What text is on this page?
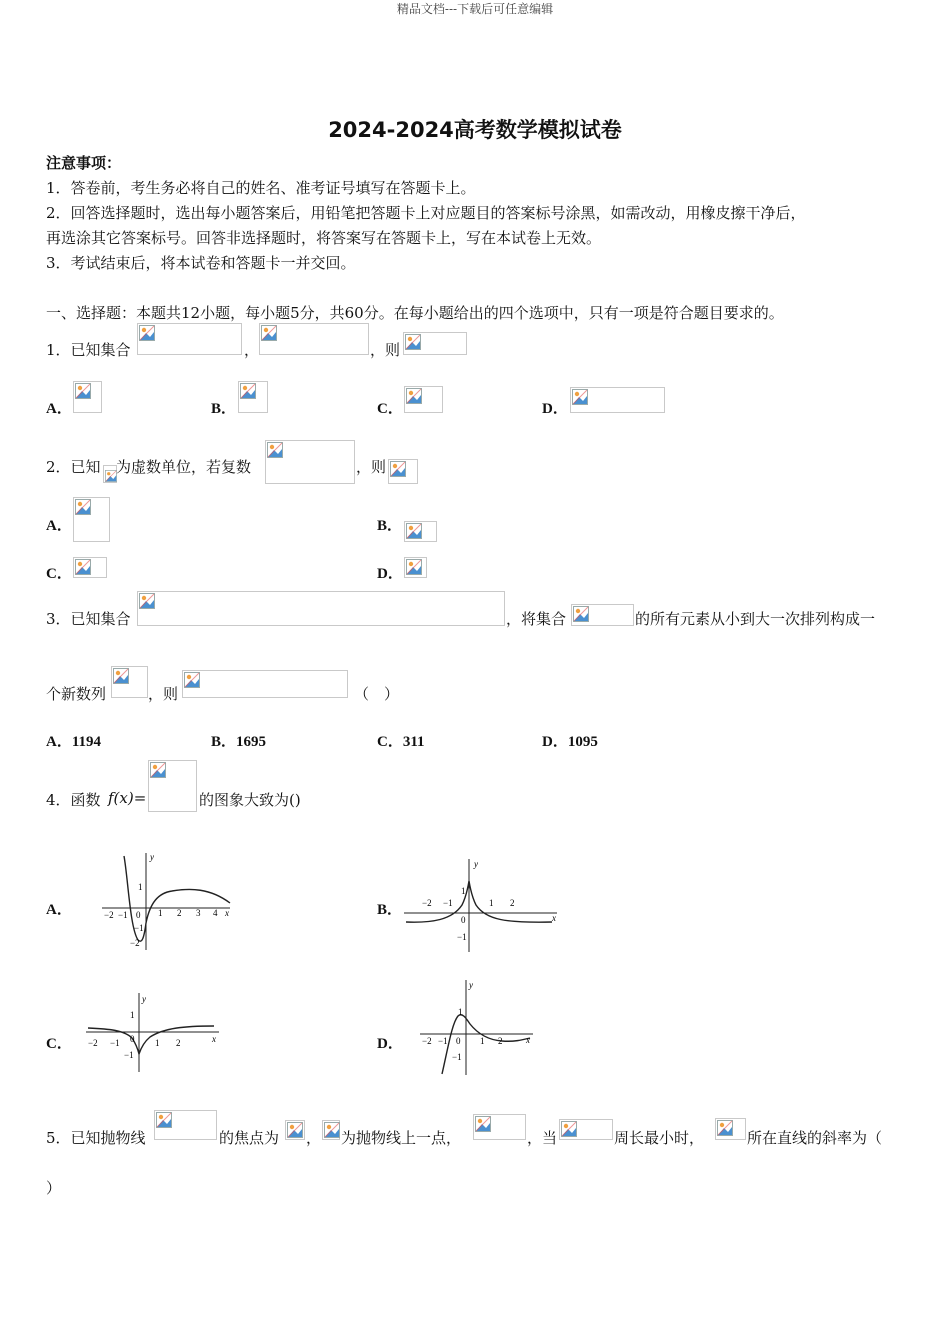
精品文档---下载后可任意编辑
2024-2024高考数学模拟试卷
注意事项：
1．答卷前，考生务必将自己的姓名、准考证号填写在答题卡上。
2．回答选择题时，选出每小题答案后，用铅笔把答题卡上对应题目的答案标号涂黑，如需改动，用橡皮擦干净后，
再选涂其它答案标号。回答非选择题时，将答案写在答题卡上，写在本试卷上无效。
3．考试结束后，将本试卷和答题卡一并交回。
一、选择题：本题共12小题，每小题5分，共60分。在每小题给出的四个选项中，只有一项是符合题目要求的。
1．已知集合	，	，则
A．	B．	C．	D．
2．已知 为虚数单位，若复数	，则
A．	B．
C．	D．
3．已知集合	，将集合	的所有元素从小到大一次排列构成一
个新数列	，则	（　）
A．1194	B．1695	C．311	D．1095
4．函数 f(x)=	的图象大致为()
A．	B．
C．	D．
y
x
−2 −1 0 1 2 3 4
1
−1
−2
y
x
−2 −1
0
1 2
1
−1
y
x
−2 −1 0 1 2
1
−1
y
x
−2 −1 0 1 2
1
−1
5．已知抛物线	的焦点为 ， 为抛物线上一点，	，当	周长最小时，	所在直线的斜率为（
）
